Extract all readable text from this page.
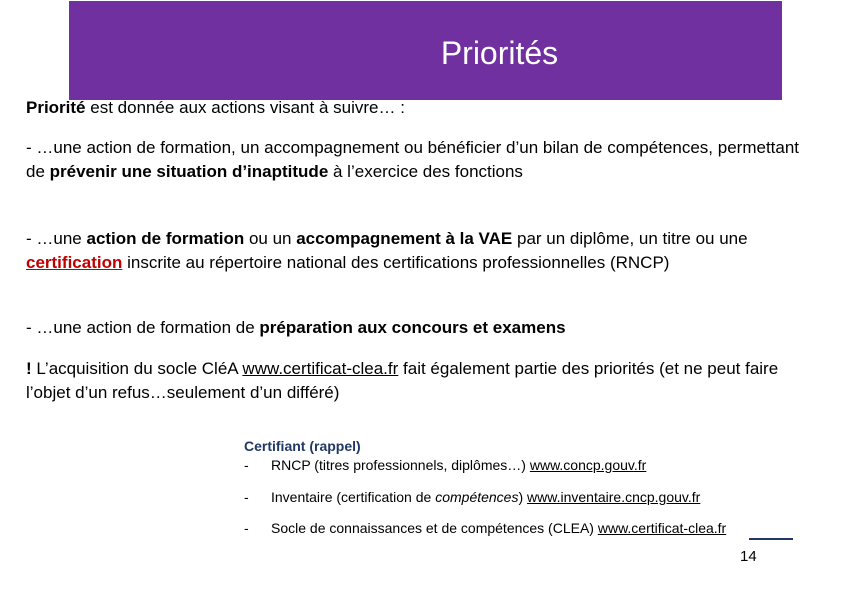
Priorités
Priorité est donnée aux actions visant à suivre… :
- …une action de formation, un accompagnement ou bénéficier d’un bilan de compétences, permettant de prévenir une situation d’inaptitude à l’exercice des fonctions
- …une action de formation ou un accompagnement à la VAE par un diplôme, un titre ou une certification inscrite au répertoire national des certifications professionnelles (RNCP)
- …une action de formation de préparation aux concours et examens
! L’acquisition du socle CléA www.certificat-clea.fr fait également partie des priorités (et ne peut faire l’objet d’un refus…seulement d’un différé)
Certifiant (rappel)
-	RNCP (titres professionnels, diplômes…) www.concp.gouv.fr
-	Inventaire (certification de compétences) www.inventaire.cncp.gouv.fr
-	Socle de connaissances et de compétences (CLEA) www.certificat-clea.fr
14
